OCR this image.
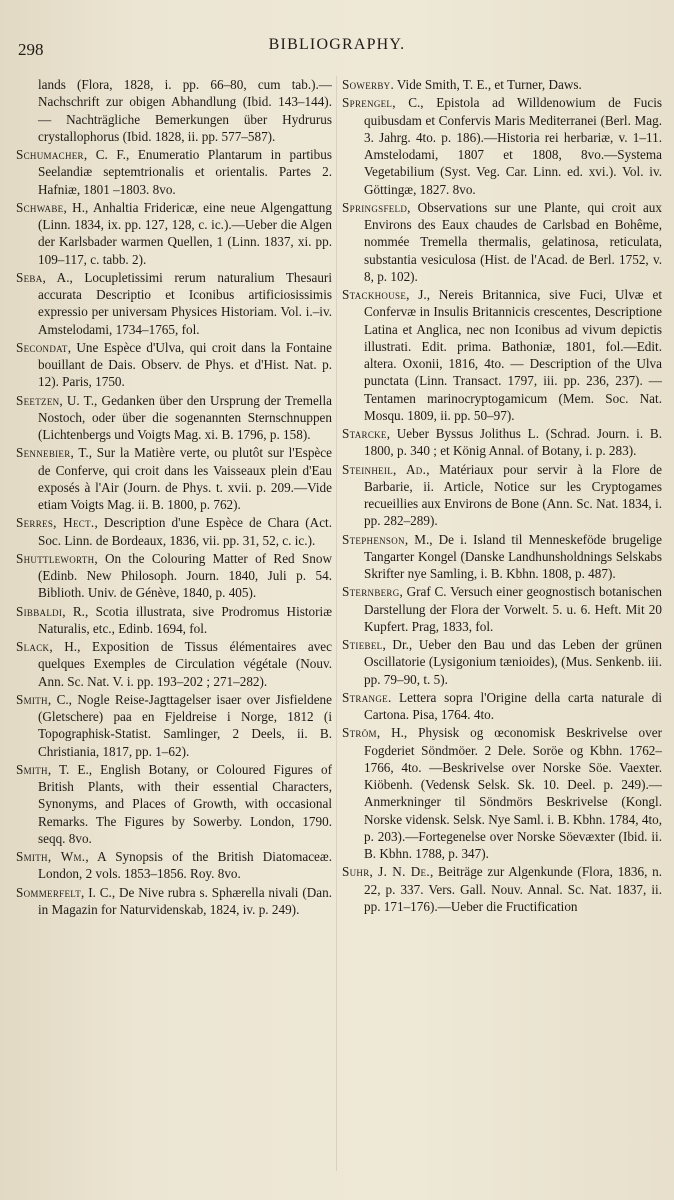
298	BIBLIOGRAPHY.

lands (Flora, 1828, i. pp. 66–80, cum tab.).—Nachschrift zur obigen Abhandlung (Ibid. 143–144). — Nachträgliche Bemerkungen über Hydrurus crystallophorus (Ibid. 1828, ii. pp. 577–587).

Schumacher, C. F., Enumeratio Plantarum in partibus Seelandiæ septemtrionalis et orientalis. Partes 2. Hafniæ, 1801 –1803. 8vo.

Schwabe, H., Anhaltia Fridericæ, eine neue Algengattung (Linn. 1834, ix. pp. 127, 128, c. ic.).—Ueber die Algen der Karlsbader warmen Quellen, 1 (Linn. 1837, xi. pp. 109–117, c. tabb. 2).

Seba, A., Locupletissimi rerum naturalium Thesauri accurata Descriptio et Iconibus artificiosissimis expressio per universam Physices Historiam. Vol. i.–iv. Amstelodami, 1734–1765, fol.

Secondat, Une Espèce d'Ulva, qui croit dans la Fontaine bouillant de Dais. Observ. de Phys. et d'Hist. Nat. p. 12). Paris, 1750.

Seetzen, U. T., Gedanken über den Ursprung der Tremella Nostoch, oder über die sogenannten Sternschnuppen (Lichtenbergs und Voigts Mag. xi. B. 1796, p. 158).

Sennebier, T., Sur la Matière verte, ou plutôt sur l'Espèce de Conferve, qui croit dans les Vaisseaux plein d'Eau exposés à l'Air (Journ. de Phys. t. xvii. p. 209.—Vide etiam Voigts Mag. ii. B. 1800, p. 762).

Serres, Hect., Description d'une Espèce de Chara (Act. Soc. Linn. de Bordeaux, 1836, vii. pp. 31, 52, c. ic.).

Shuttleworth, On the Colouring Matter of Red Snow (Edinb. New Philosoph. Journ. 1840, Juli p. 54. Biblioth. Univ. de Génève, 1840, p. 405).

Sibbaldi, R., Scotia illustrata, sive Prodromus Historiæ Naturalis, etc., Edinb. 1694, fol.

Slack, H., Exposition de Tissus élémentaires avec quelques Exemples de Circulation végétale (Nouv. Ann. Sc. Nat. V. i. pp. 193–202 ; 271–282).

Smith, C., Nogle Reise-Jagttagelser isaer over Jisfieldene (Gletschere) paa en Fjeldreise i Norge, 1812 (i Topographisk-Statist. Samlinger, 2 Deels, ii. B. Christiania, 1817, pp. 1–62).

Smith, T. E., English Botany, or Coloured Figures of British Plants, with their essential Characters, Synonyms, and Places of Growth, with occasional Remarks. The Figures by Sowerby. London, 1790. seqq. 8vo.

Smith, Wm., A Synopsis of the British Diatomaceæ. London, 2 vols. 1853–1856. Roy. 8vo.

Sommerfelt, I. C., De Nive rubra s. Sphærella nivali (Dan. in Magazin for Naturvidenskab, 1824, iv. p. 249).

Sowerby. Vide Smith, T. E., et Turner, Daws.

Sprengel, C., Epistola ad Willdenowium de Fucis quibusdam et Confervis Maris Mediterranei (Berl. Mag. 3. Jahrg. 4to. p. 186).—Historia rei herbariæ, v. 1–11. Amstelodami, 1807 et 1808, 8vo.—Systema Vegetabilium (Syst. Veg. Car. Linn. ed. xvi.). Vol. iv. Göttingæ, 1827. 8vo.

Springsfeld, Observations sur une Plante, qui croit aux Environs des Eaux chaudes de Carlsbad en Bohême, nommée Tremella thermalis, gelatinosa, reticulata, substantia vesiculosa (Hist. de l'Acad. de Berl. 1752, v. 8, p. 102).

Stackhouse, J., Nereis Britannica, sive Fuci, Ulvæ et Confervæ in Insulis Britannicis crescentes, Descriptione Latina et Anglica, nec non Iconibus ad vivum depictis illustrati. Edit. prima. Bathoniæ, 1801, fol.—Edit. altera. Oxonii, 1816, 4to. — Description of the Ulva punctata (Linn. Transact. 1797, iii. pp. 236, 237). — Tentamen marinocryptogamicum (Mem. Soc. Nat. Mosqu. 1809, ii. pp. 50–97).

Starcke, Ueber Byssus Jolithus L. (Schrad. Journ. i. B. 1800, p. 340 ; et König Annal. of Botany, i. p. 283).

Steinheil, Ad., Matériaux pour servir à la Flore de Barbarie, ii. Article, Notice sur les Cryptogames recueillies aux Environs de Bone (Ann. Sc. Nat. 1834, i. pp. 282–289).

Stephenson, M., De i. Island til Menneskeföde brugelige Tangarter Kongel (Danske Landhunsholdnings Selskabs Skrifter nye Samling, i. B. Kbhn. 1808, p. 487).

Sternberg, Graf C. Versuch einer geognostisch botanischen Darstellung der Flora der Vorwelt. 5. u. 6. Heft. Mit 20 Kupfert. Prag, 1833, fol.

Stiebel, Dr., Ueber den Bau und das Leben der grünen Oscillatorie (Lysigonium tænioides), (Mus. Senkenb. iii. pp. 79–90, t. 5).

Strange. Lettera sopra l'Origine della carta naturale di Cartona. Pisa, 1764. 4to.

Ström, H., Physisk og œconomisk Beskrivelse over Fogderiet Söndmöer. 2 Dele. Soröe og Kbhn. 1762–1766, 4to. —Beskrivelse over Norske Söe. Vaexter. Kiöbenh. (Vedensk Selsk. Sk. 10. Deel. p. 249).—Anmerkninger til Söndmörs Beskrivelse (Kongl. Norske vidensk. Selsk. Nye Saml. i. B. Kbhn. 1784, 4to, p. 203).—Fortegenelse over Norske Söevæxter (Ibid. ii. B. Kbhn. 1788, p. 347).

Suhr, J. N. De., Beiträge zur Algenkunde (Flora, 1836, n. 22, p. 337. Vers. Gall. Nouv. Annal. Sc. Nat. 1837, ii. pp. 171–176).—Ueber die Fructification
